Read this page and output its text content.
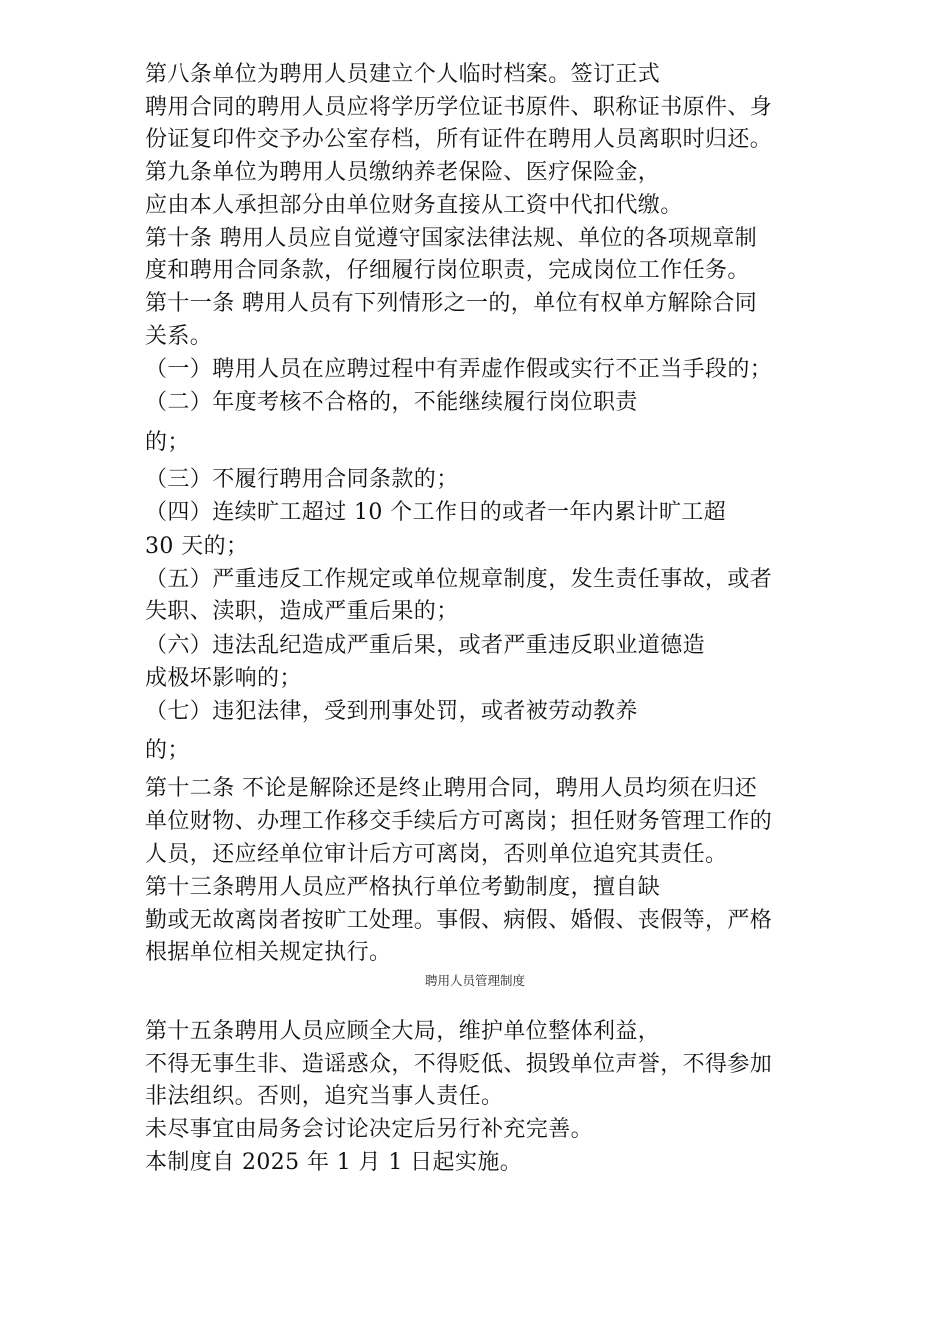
第八条单位为聘用人员建立个人临时档案。签订正式

聘用合同的聘用人员应将学历学位证书原件、职称证书原件、身

份证复印件交予办公室存档，所有证件在聘用人员离职时归还。

第九条单位为聘用人员缴纳养老保险、医疗保险金，

应由本人承担部分由单位财务直接从工资中代扣代缴。

第十条 聘用人员应自觉遵守国家法律法规、单位的各项规章制

度和聘用合同条款，仔细履行岗位职责，完成岗位工作任务。

第十一条 聘用人员有下列情形之一的，单位有权单方解除合同

关系。

（一）聘用人员在应聘过程中有弄虚作假或实行不正当手段的；

（二）年度考核不合格的，不能继续履行岗位职责

的；

（三）不履行聘用合同条款的；

（四）连续旷工超过 10 个工作日的或者一年内累计旷工超

30 天的；

（五）严重违反工作规定或单位规章制度，发生责任事故，或者

失职、渎职，造成严重后果的；

（六）违法乱纪造成严重后果，或者严重违反职业道德造

成极坏影响的；

（七）违犯法律，受到刑事处罚，或者被劳动教养

的；

第十二条 不论是解除还是终止聘用合同，聘用人员均须在归还

单位财物、办理工作移交手续后方可离岗；担任财务管理工作的

人员，还应经单位审计后方可离岗，否则单位追究其责任。

第十三条聘用人员应严格执行单位考勤制度，擅自缺

勤或无故离岗者按旷工处理。事假、病假、婚假、丧假等，严格

根据单位相关规定执行。

聘用人员管理制度

第十五条聘用人员应顾全大局，维护单位整体利益，

不得无事生非、造谣惑众，不得贬低、损毁单位声誉，不得参加

非法组织。否则，追究当事人责任。

未尽事宜由局务会讨论决定后另行补充完善。

本制度自 2025 年 1 月 1 日起实施。
